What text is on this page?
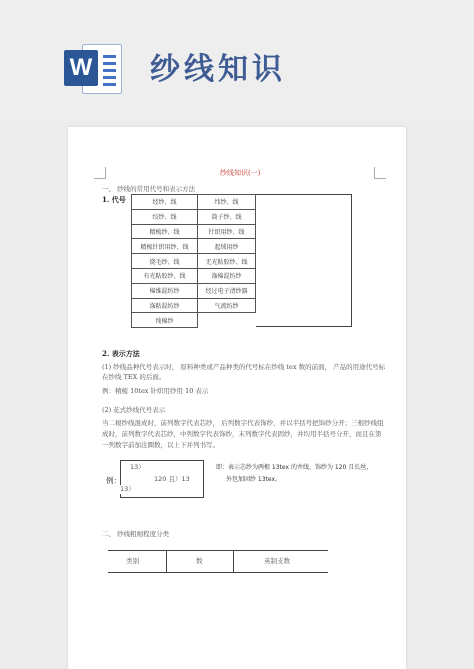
W 纱线知识
纱线知识(一)
一、 纱线的常用代号和表示方法
1. 代号	经纱、线	纬纱、线
绞纱、线	筒子纱、线
精梳纱、线	针织用纱、线
精梳针织用纱、线	起绒用纱
烧毛纱、线	无光粘胶纱、线
有光粘胶纱、线	涤棉混纺纱
棉维混纺纱	经过电子清纱器
涤粘混纺纱	气流纺纱
纯棉纱	
2. 表示方法
(1) 纱线品种代号表示时， 原料种类或产品种类的代号标在纱线 tex 数的前面， 产品的用途代号标
在纱线 TEX 的后面。
例：精梳 10tex 针织用纱用 10 表示
(2) 花式纱线代号表示
当二根纱线混成时，前列数字代表芯纱， 后列数字代表饰纱，并以半括号把饰纱分开；三根纱线组
成时，前列数字代表芯纱，中列数字代表饰纱，末列数字代表固纱，并均用半括号分开，而且在第
一列数字前加注圈数，以上下并列书写。
例：
13）
120 且）13
13）
即：表示芯纱为两根 13tex 的并线，饰纱为 120 且长丝，
外包加固纱 13tex。
二、 纱线粗细程度分类
类别	数	英制支数
